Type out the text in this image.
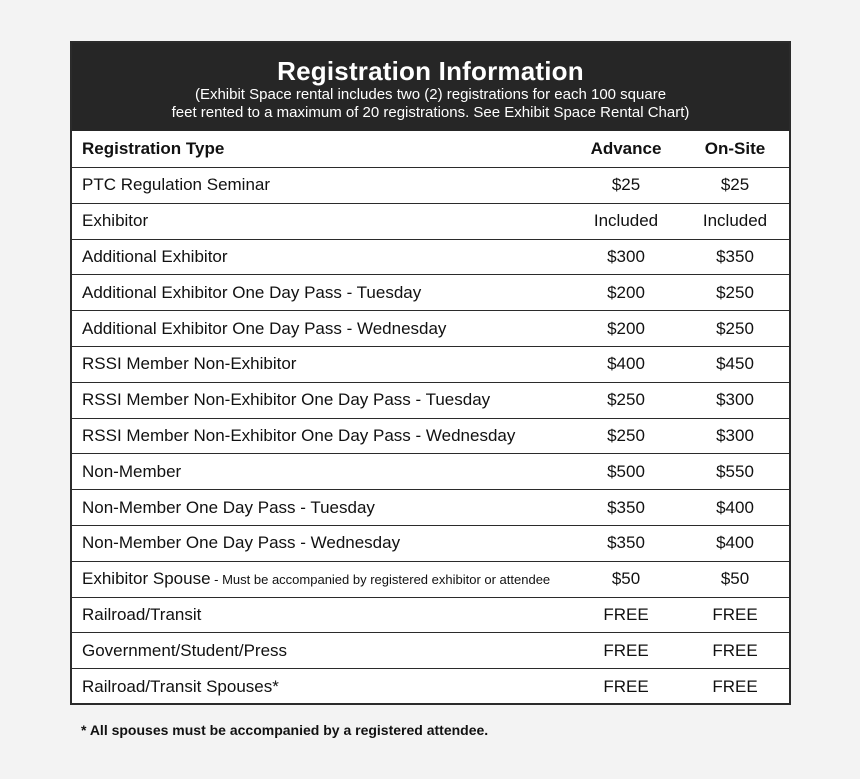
Registration Information
(Exhibit Space rental includes two (2) registrations for each 100 square
feet rented to a maximum of 20 registrations. See Exhibit Space Rental Chart)
Registration Type	Advance	On-Site
PTC Regulation Seminar	$25	$25
Exhibitor	Included	Included
Additional Exhibitor	$300	$350
Additional Exhibitor One Day Pass - Tuesday	$200	$250
Additional Exhibitor One Day Pass - Wednesday	$200	$250
RSSI Member Non-Exhibitor	$400	$450
RSSI Member Non-Exhibitor One Day Pass - Tuesday	$250	$300
RSSI Member Non-Exhibitor One Day Pass - Wednesday	$250	$300
Non-Member	$500	$550
Non-Member One Day Pass - Tuesday	$350	$400
Non-Member One Day Pass - Wednesday	$350	$400
Exhibitor Spouse - Must be accompanied by registered exhibitor or attendee	$50	$50
Railroad/Transit	FREE	FREE
Government/Student/Press	FREE	FREE
Railroad/Transit Spouses*	FREE	FREE
* All spouses must be accompanied by a registered attendee.
